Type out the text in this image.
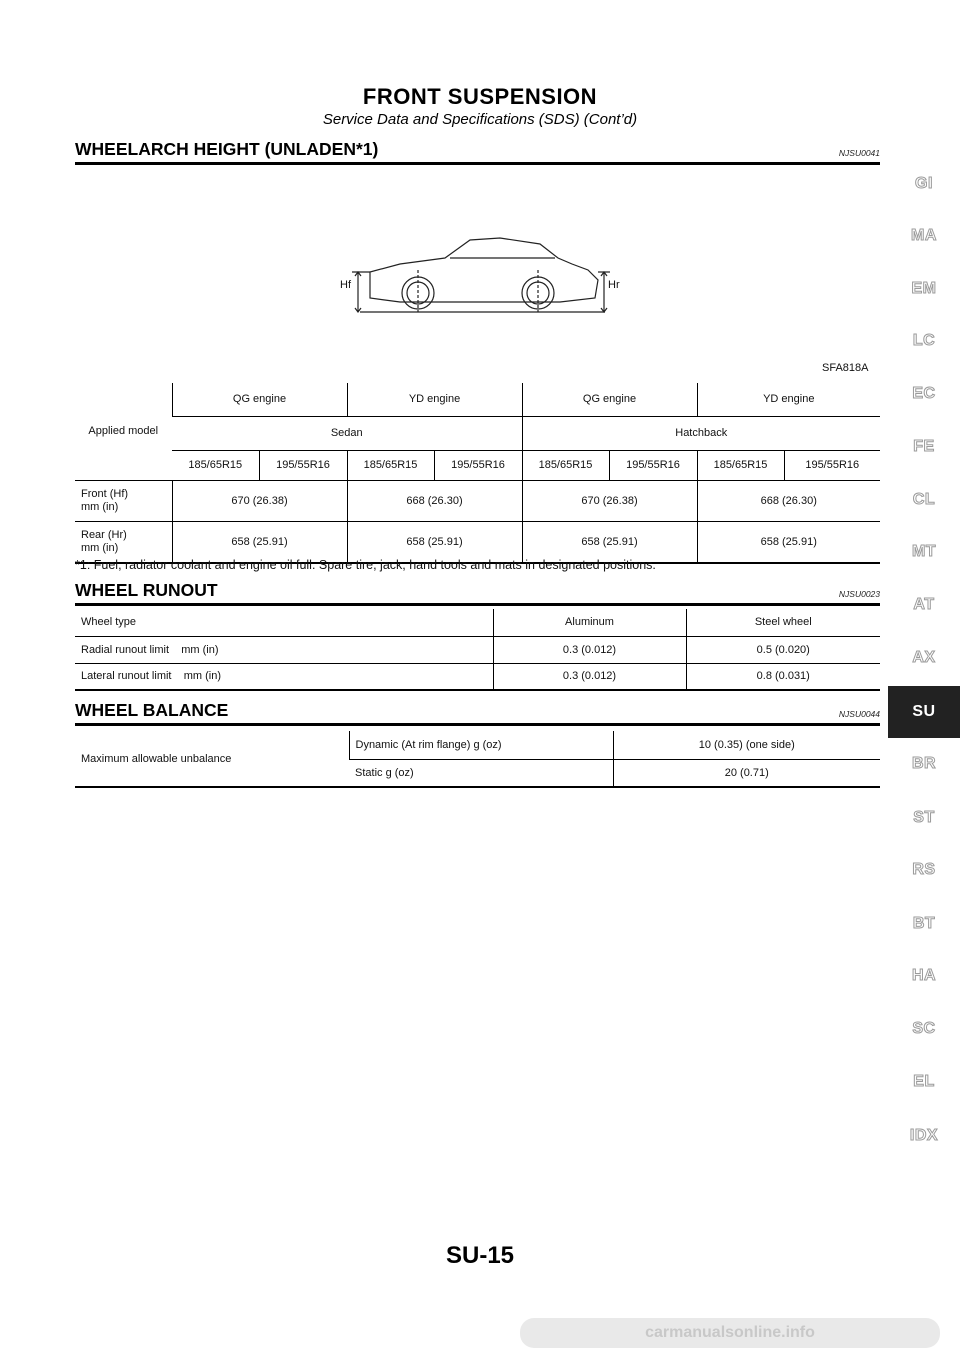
FRONT SUSPENSION
Service Data and Specifications (SDS) (Cont’d)
WHEELARCH HEIGHT (UNLADEN*1)	NJSU0041
Hf	Hr
SFA818A
Applied model	QG engine		YD engine		QG engine		YD engine	
	Sedan				Hatchback			
	185/65R15	195/55R16	185/65R15	195/55R16	185/65R15	195/55R16	185/65R15	195/55R16
Front (Hf)
mm (in)	670 (26.38)		668 (26.30)		670 (26.38)		668 (26.30)	
Rear (Hr)
mm (in)	658 (25.91)		658 (25.91)		658 (25.91)		658 (25.91)	
*1: Fuel, radiator coolant and engine oil full. Spare tire, jack, hand tools and mats in designated positions.
WHEEL RUNOUT	NJSU0023
Wheel type	Aluminum	Steel wheel
Radial runout limit    mm (in)	0.3 (0.012)	0.5 (0.020)
Lateral runout limit    mm (in)	0.3 (0.012)	0.8 (0.031)
WHEEL BALANCE	NJSU0044
Maximum allowable unbalance	Dynamic (At rim flange) g (oz)	10 (0.35) (one side)
	Static g (oz)	20 (0.71)
GI
MA
EM
LC
EC
FE
CL
MT
AT
AX
SU
BR
ST
RS
BT
HA
SC
EL
IDX
SU-15
carmanualsonline.info
